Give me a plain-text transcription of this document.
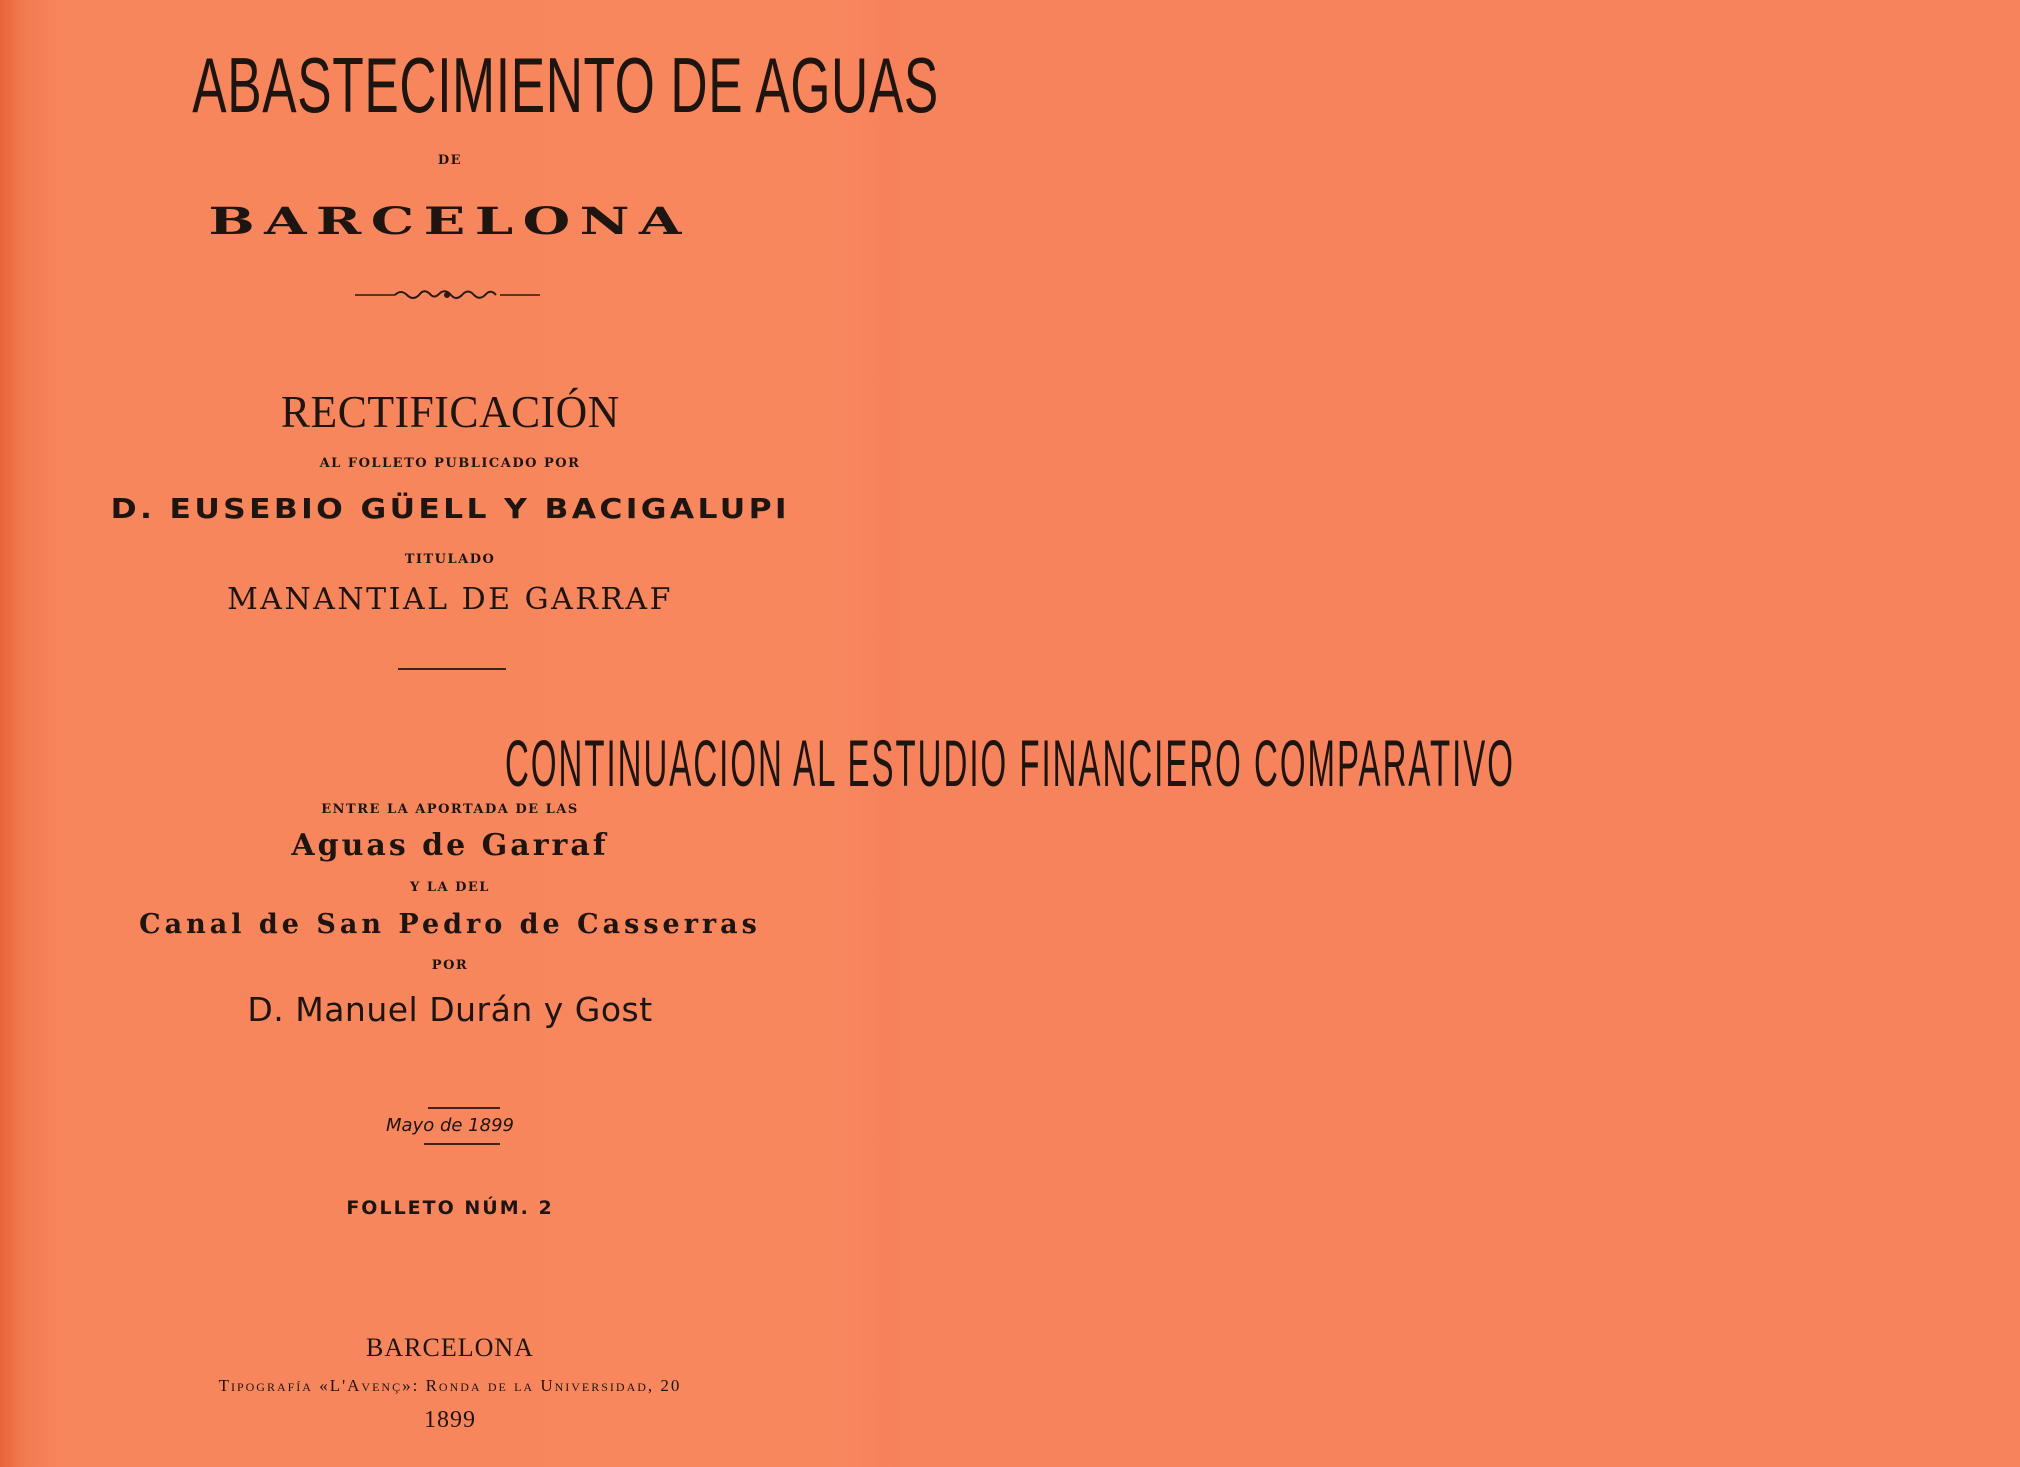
ABASTECIMIENTO DE AGUAS
DE
BARCELONA
RECTIFICACIÓN
AL FOLLETO PUBLICADO POR
D. EUSEBIO GÜELL Y BACIGALUPI
TITULADO
MANANTIAL DE GARRAF
CONTINUACION AL ESTUDIO FINANCIERO COMPARATIVO
ENTRE LA APORTADA DE LAS
Aguas de Garraf
Y LA DEL
Canal de San Pedro de Casserras
POR
D. Manuel Durán y Gost
Mayo de 1899
FOLLETO NÚM. 2
BARCELONA
Tipografía «L'Avenç»: Ronda de la Universidad, 20
1899
